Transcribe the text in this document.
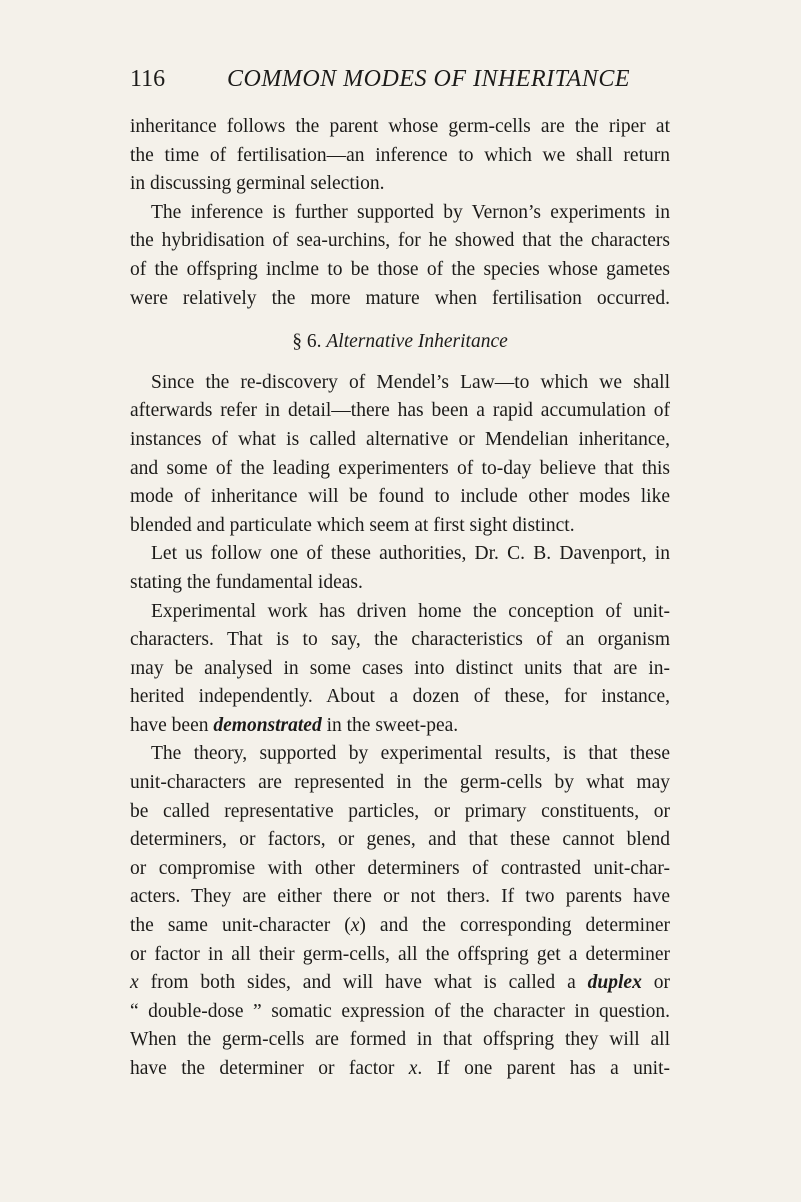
116	COMMON MODES OF INHERITANCE

inheritance follows the parent whose germ-cells are the riper at
the time of fertilisation—an inference to which we shall return
in discussing germinal selection.

The inference is further supported by Vernon’s experiments in
the hybridisation of sea-urchins, for he showed that the characters
of the offspring inclme to be those of the species whose gametes
were relatively the more mature when fertilisation occurred.

§ 6. Alternative Inheritance

Since the re-discovery of Mendel’s Law—to which we shall
afterwards refer in detail—there has been a rapid accumulation of
instances of what is called alternative or Mendelian inheritance,
and some of the leading experimenters of to-day believe that this
mode of inheritance will be found to include other modes like
blended and particulate which seem at first sight distinct.

Let us follow one of these authorities, Dr. C. B. Davenport, in
stating the fundamental ideas.

Experimental work has driven home the conception of unit-
characters. That is to say, the characteristics of an organism
ɪnay be analysed in some cases into distinct units that are in-
herited independently. About a dozen of these, for instance,
have been demonstrated in the sweet-pea.

The theory, supported by experimental results, is that these
unit-characters are represented in the germ-cells by what may
be called representative particles, or primary constituents, or
determiners, or factors, or genes, and that these cannot blend
or compromise with other determiners of contrasted unit-char-
acters. They are either there or not therɜ. If two parents have
the same unit-character (x) and the corresponding determiner
or factor in all their germ-cells, all the offspring get a determiner
x from both sides, and will have what is called a duplex or
“ double-dose ” somatic expression of the character in question.
When the germ-cells are formed in that offspring they will all
have the determiner or factor x. If one parent has a unit-
